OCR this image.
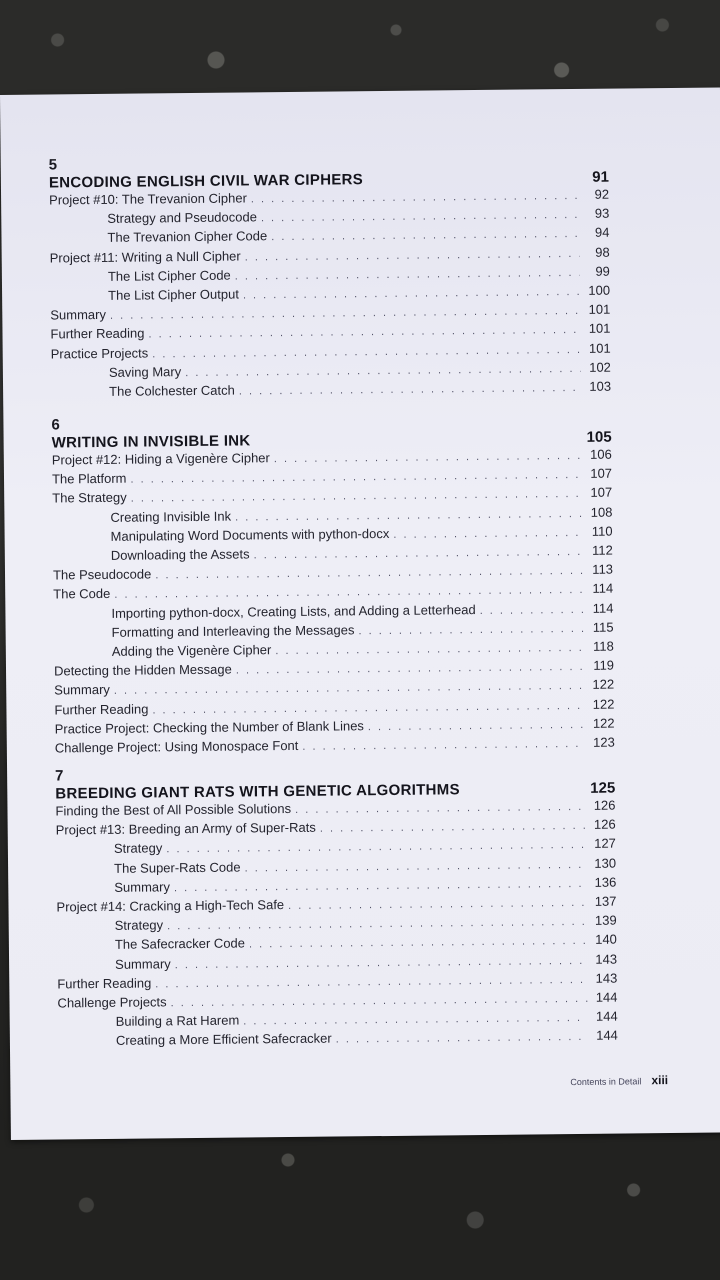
5
ENCODING ENGLISH CIVIL WAR CIPHERS	91
Project #10: The Trevanion Cipher . . .	92
Strategy and Pseudocode . . .	93
The Trevanion Cipher Code . . .	94
Project #11: Writing a Null Cipher . . .	98
The List Cipher Code . . .	99
The List Cipher Output . . .	100
Summary . . .	101
Further Reading . . .	101
Practice Projects . . .	101
Saving Mary . . .	102
The Colchester Catch . . .	103
6
WRITING IN INVISIBLE INK	105
Project #12: Hiding a Vigenère Cipher . . .	106
The Platform . . .	107
The Strategy . . .	107
Creating Invisible Ink . . .	108
Manipulating Word Documents with python-docx . . .	110
Downloading the Assets . . .	112
The Pseudocode . . .	113
The Code . . .	114
Importing python-docx, Creating Lists, and Adding a Letterhead . . .	114
Formatting and Interleaving the Messages . . .	115
Adding the Vigenère Cipher . . .	118
Detecting the Hidden Message . . .	119
Summary . . .	122
Further Reading . . .	122
Practice Project: Checking the Number of Blank Lines . . .	122
Challenge Project: Using Monospace Font . . .	123
7
BREEDING GIANT RATS WITH GENETIC ALGORITHMS	125
Finding the Best of All Possible Solutions . . .	126
Project #13: Breeding an Army of Super-Rats . . .	126
Strategy . . .	127
The Super-Rats Code . . .	130
Summary . . .	136
Project #14: Cracking a High-Tech Safe . . .	137
Strategy . . .	139
The Safecracker Code . . .	140
Summary . . .	143
Further Reading . . .	143
Challenge Projects . . .	144
Building a Rat Harem . . .	144
Creating a More Efficient Safecracker . . .	144
Contents in Detail xiii
